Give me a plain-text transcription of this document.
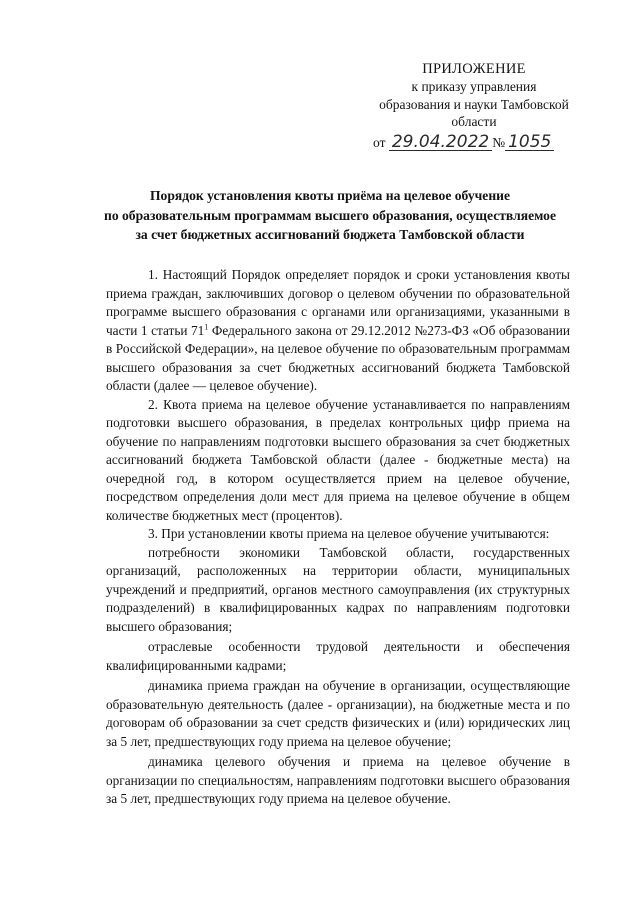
ПРИЛОЖЕНИЕ
к приказу управления
образования и науки Тамбовской
области
от 29.04.2022 № 1055
Порядок установления квоты приёма на целевое обучение
по образовательным программам высшего образования, осуществляемое
за счет бюджетных ассигнований бюджета Тамбовской области

1. Настоящий Порядок определяет порядок и сроки установления квоты приема граждан, заключивших договор о целевом обучении по образовательной программе высшего образования с органами или организациями, указанными в части 1 статьи $71^1$ Федерального закона от 29.12.2012 №273-ФЗ «Об образовании в Российской Федерации», на целевое обучение по образовательным программам высшего образования за счет бюджетных ассигнований бюджета Тамбовской области (далее — целевое обучение).

2. Квота приема на целевое обучение устанавливается по направлениям подготовки высшего образования, в пределах контрольных цифр приема на обучение по направлениям подготовки высшего образования за счет бюджетных ассигнований бюджета Тамбовской области (далее - бюджетные места) на очередной год, в котором осуществляется прием на целевое обучение, посредством определения доли мест для приема на целевое обучение в общем количестве бюджетных мест (процентов).

3. При установлении квоты приема на целевое обучение учитываются:

потребности экономики Тамбовской области, государственных организаций, расположенных на территории области, муниципальных учреждений и предприятий, органов местного самоуправления (их структурных подразделений) в квалифицированных кадрах по направлениям подготовки высшего образования;

отраслевые особенности трудовой деятельности и обеспечения квалифицированными кадрами;

динамика приема граждан на обучение в организации, осуществляющие образовательную деятельность (далее - организации), на бюджетные места и по договорам об образовании за счет средств физических и (или) юридических лиц за 5 лет, предшествующих году приема на целевое обучение;

динамика целевого обучения и приема на целевое обучение в организации по специальностям, направлениям подготовки высшего образования за 5 лет, предшествующих году приема на целевое обучение.
